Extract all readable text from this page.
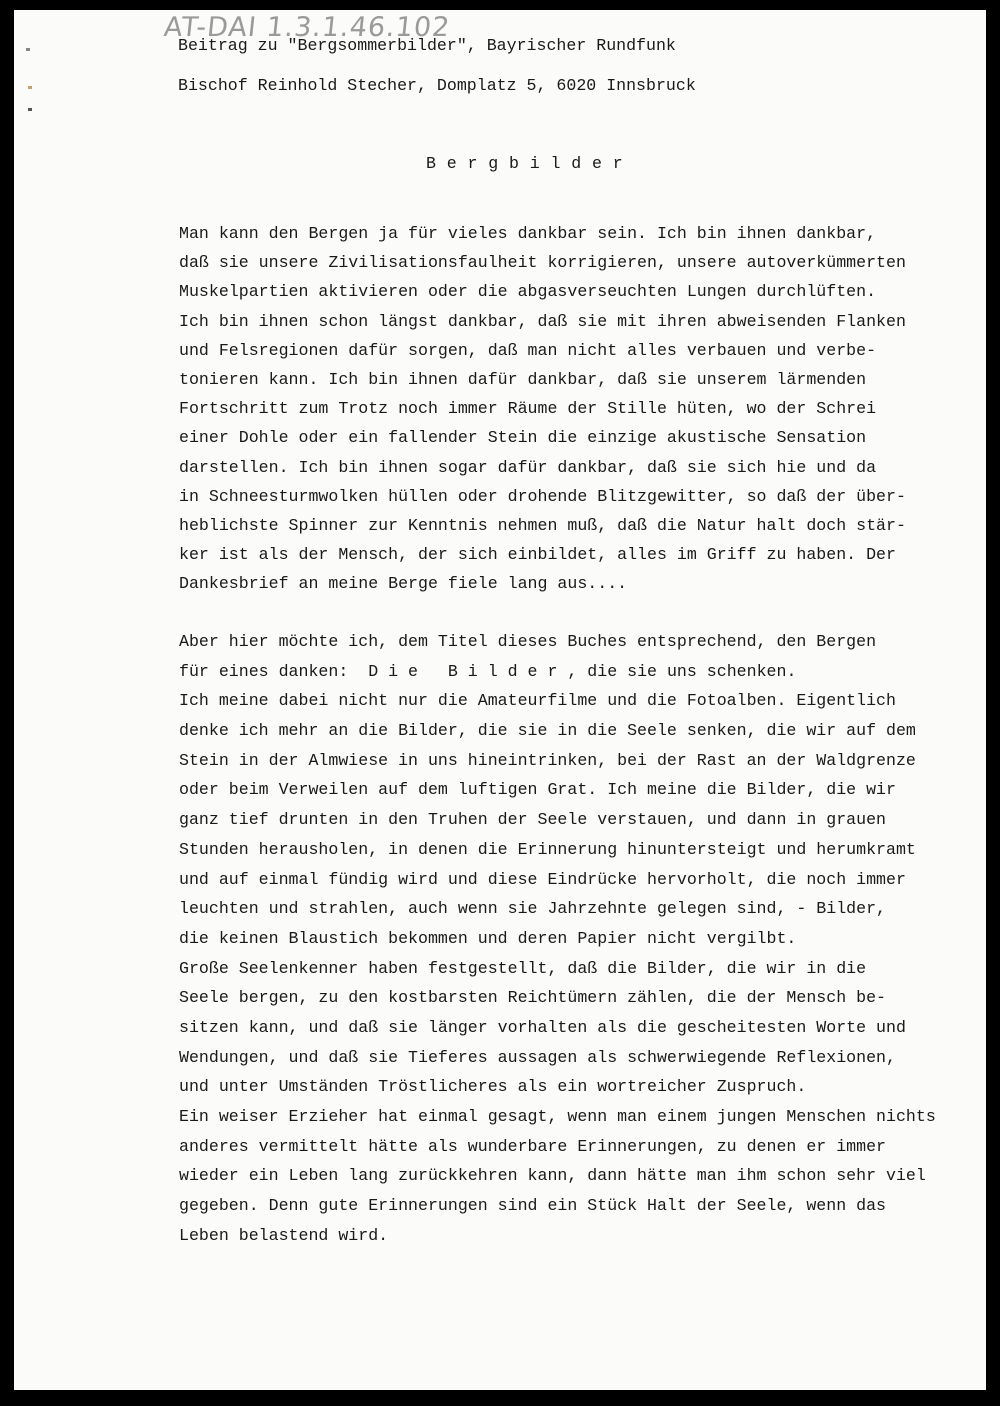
AT-DAI 1.3.1.46.102
Beitrag zu "Bergsommerbilder", Bayrischer Rundfunk
Bischof Reinhold Stecher, Domplatz 5, 6020 Innsbruck
Bergbilder
Man kann den Bergen ja für vieles dankbar sein. Ich bin ihnen dankbar,
daß sie unsere Zivilisationsfaulheit korrigieren, unsere autoverkümmerten
Muskelpartien aktivieren oder die abgasverseuchten Lungen durchlüften.
Ich bin ihnen schon längst dankbar, daß sie mit ihren abweisenden Flanken
und Felsregionen dafür sorgen, daß man nicht alles verbauen und verbe-
tonieren kann. Ich bin ihnen dafür dankbar, daß sie unserem lärmenden
Fortschritt zum Trotz noch immer Räume der Stille hüten, wo der Schrei
einer Dohle oder ein fallender Stein die einzige akustische Sensation
darstellen. Ich bin ihnen sogar dafür dankbar, daß sie sich hie und da
in Schneesturmwolken hüllen oder drohende Blitzgewitter, so daß der über-
heblichste Spinner zur Kenntnis nehmen muß, daß die Natur halt doch stär-
ker ist als der Mensch, der sich einbildet, alles im Griff zu haben. Der
Dankesbrief an meine Berge fiele lang aus....
Aber hier möchte ich, dem Titel dieses Buches entsprechend, den Bergen
für eines danken:  Die Bilder, die sie uns schenken.
Ich meine dabei nicht nur die Amateurfilme und die Fotoalben. Eigentlich
denke ich mehr an die Bilder, die sie in die Seele senken, die wir auf dem
Stein in der Almwiese in uns hineintrinken, bei der Rast an der Waldgrenze
oder beim Verweilen auf dem luftigen Grat. Ich meine die Bilder, die wir
ganz tief drunten in den Truhen der Seele verstauen, und dann in grauen
Stunden herausholen, in denen die Erinnerung hinuntersteigt und herumkramt
und auf einmal fündig wird und diese Eindrücke hervorholt, die noch immer
leuchten und strahlen, auch wenn sie Jahrzehnte gelegen sind, - Bilder,
die keinen Blaustich bekommen und deren Papier nicht vergilbt.
Große Seelenkenner haben festgestellt, daß die Bilder, die wir in die
Seele bergen, zu den kostbarsten Reichtümern zählen, die der Mensch be-
sitzen kann, und daß sie länger vorhalten als die gescheitesten Worte und
Wendungen, und daß sie Tieferes aussagen als schwerwiegende Reflexionen,
und unter Umständen Tröstlicheres als ein wortreicher Zuspruch.
Ein weiser Erzieher hat einmal gesagt, wenn man einem jungen Menschen nichts
anderes vermittelt hätte als wunderbare Erinnerungen, zu denen er immer
wieder ein Leben lang zurückkehren kann, dann hätte man ihm schon sehr viel
gegeben. Denn gute Erinnerungen sind ein Stück Halt der Seele, wenn das
Leben belastend wird.
